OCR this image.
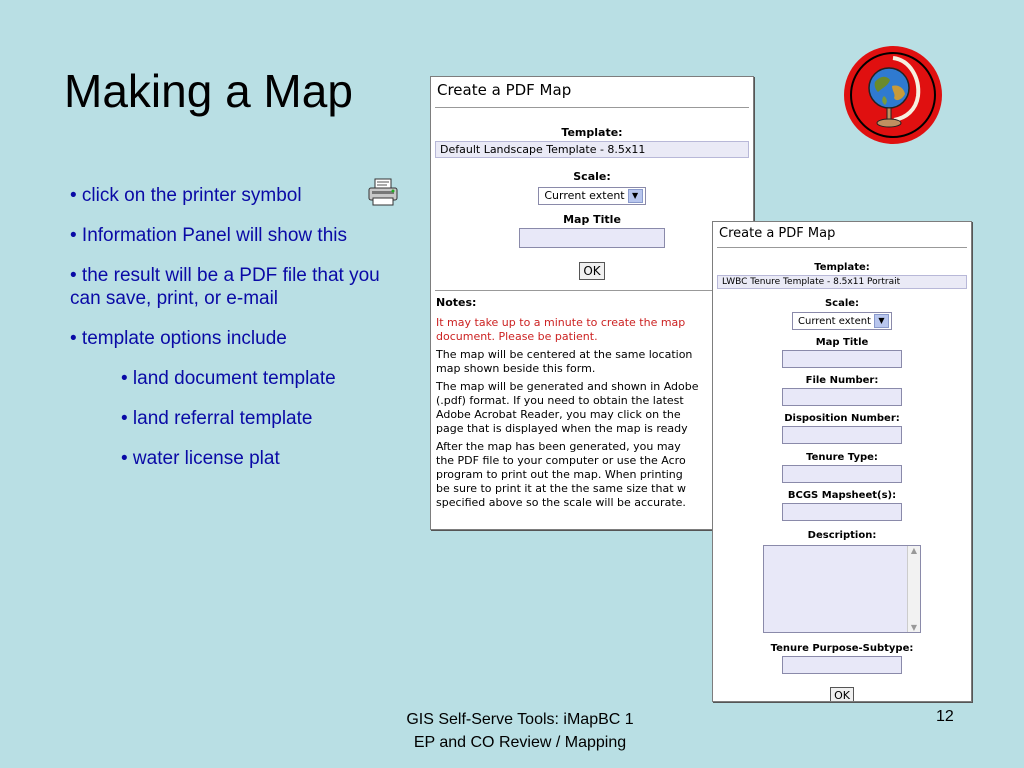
Making a Map
• click on the printer symbol
• Information Panel will show this
• the result will be a PDF file that you can save, print, or e-mail
• template options include
• land document template
• land referral template
• water license plat
Create a PDF Map
Template:
Default Landscape Template - 8.5x11
Scale:
Current extent ▼
Map Title
OK
Notes:

It may take up to a minute to create the map
document. Please be patient.

The map will be centered at the same location
map shown beside this form.

The map will be generated and shown in Adobe
(.pdf) format. If you need to obtain the latest
Adobe Acrobat Reader, you may click on the
page that is displayed when the map is ready

After the map has been generated, you may
the PDF file to your computer or use the Acro
program to print out the map. When printing
be sure to print it at the the same size that w
specified above so the scale will be accurate.

Create a PDF Map
Template:
LWBC Tenure Template - 8.5x11 Portrait
Scale:
Current extent ▼
Map Title
File Number:
Disposition Number:
Tenure Type:
BCGS Mapsheet(s):
Description:
▲
▼
Tenure Purpose-Subtype:
OK
GIS Self-Serve Tools: iMapBC 1
EP and CO Review / Mapping
12
